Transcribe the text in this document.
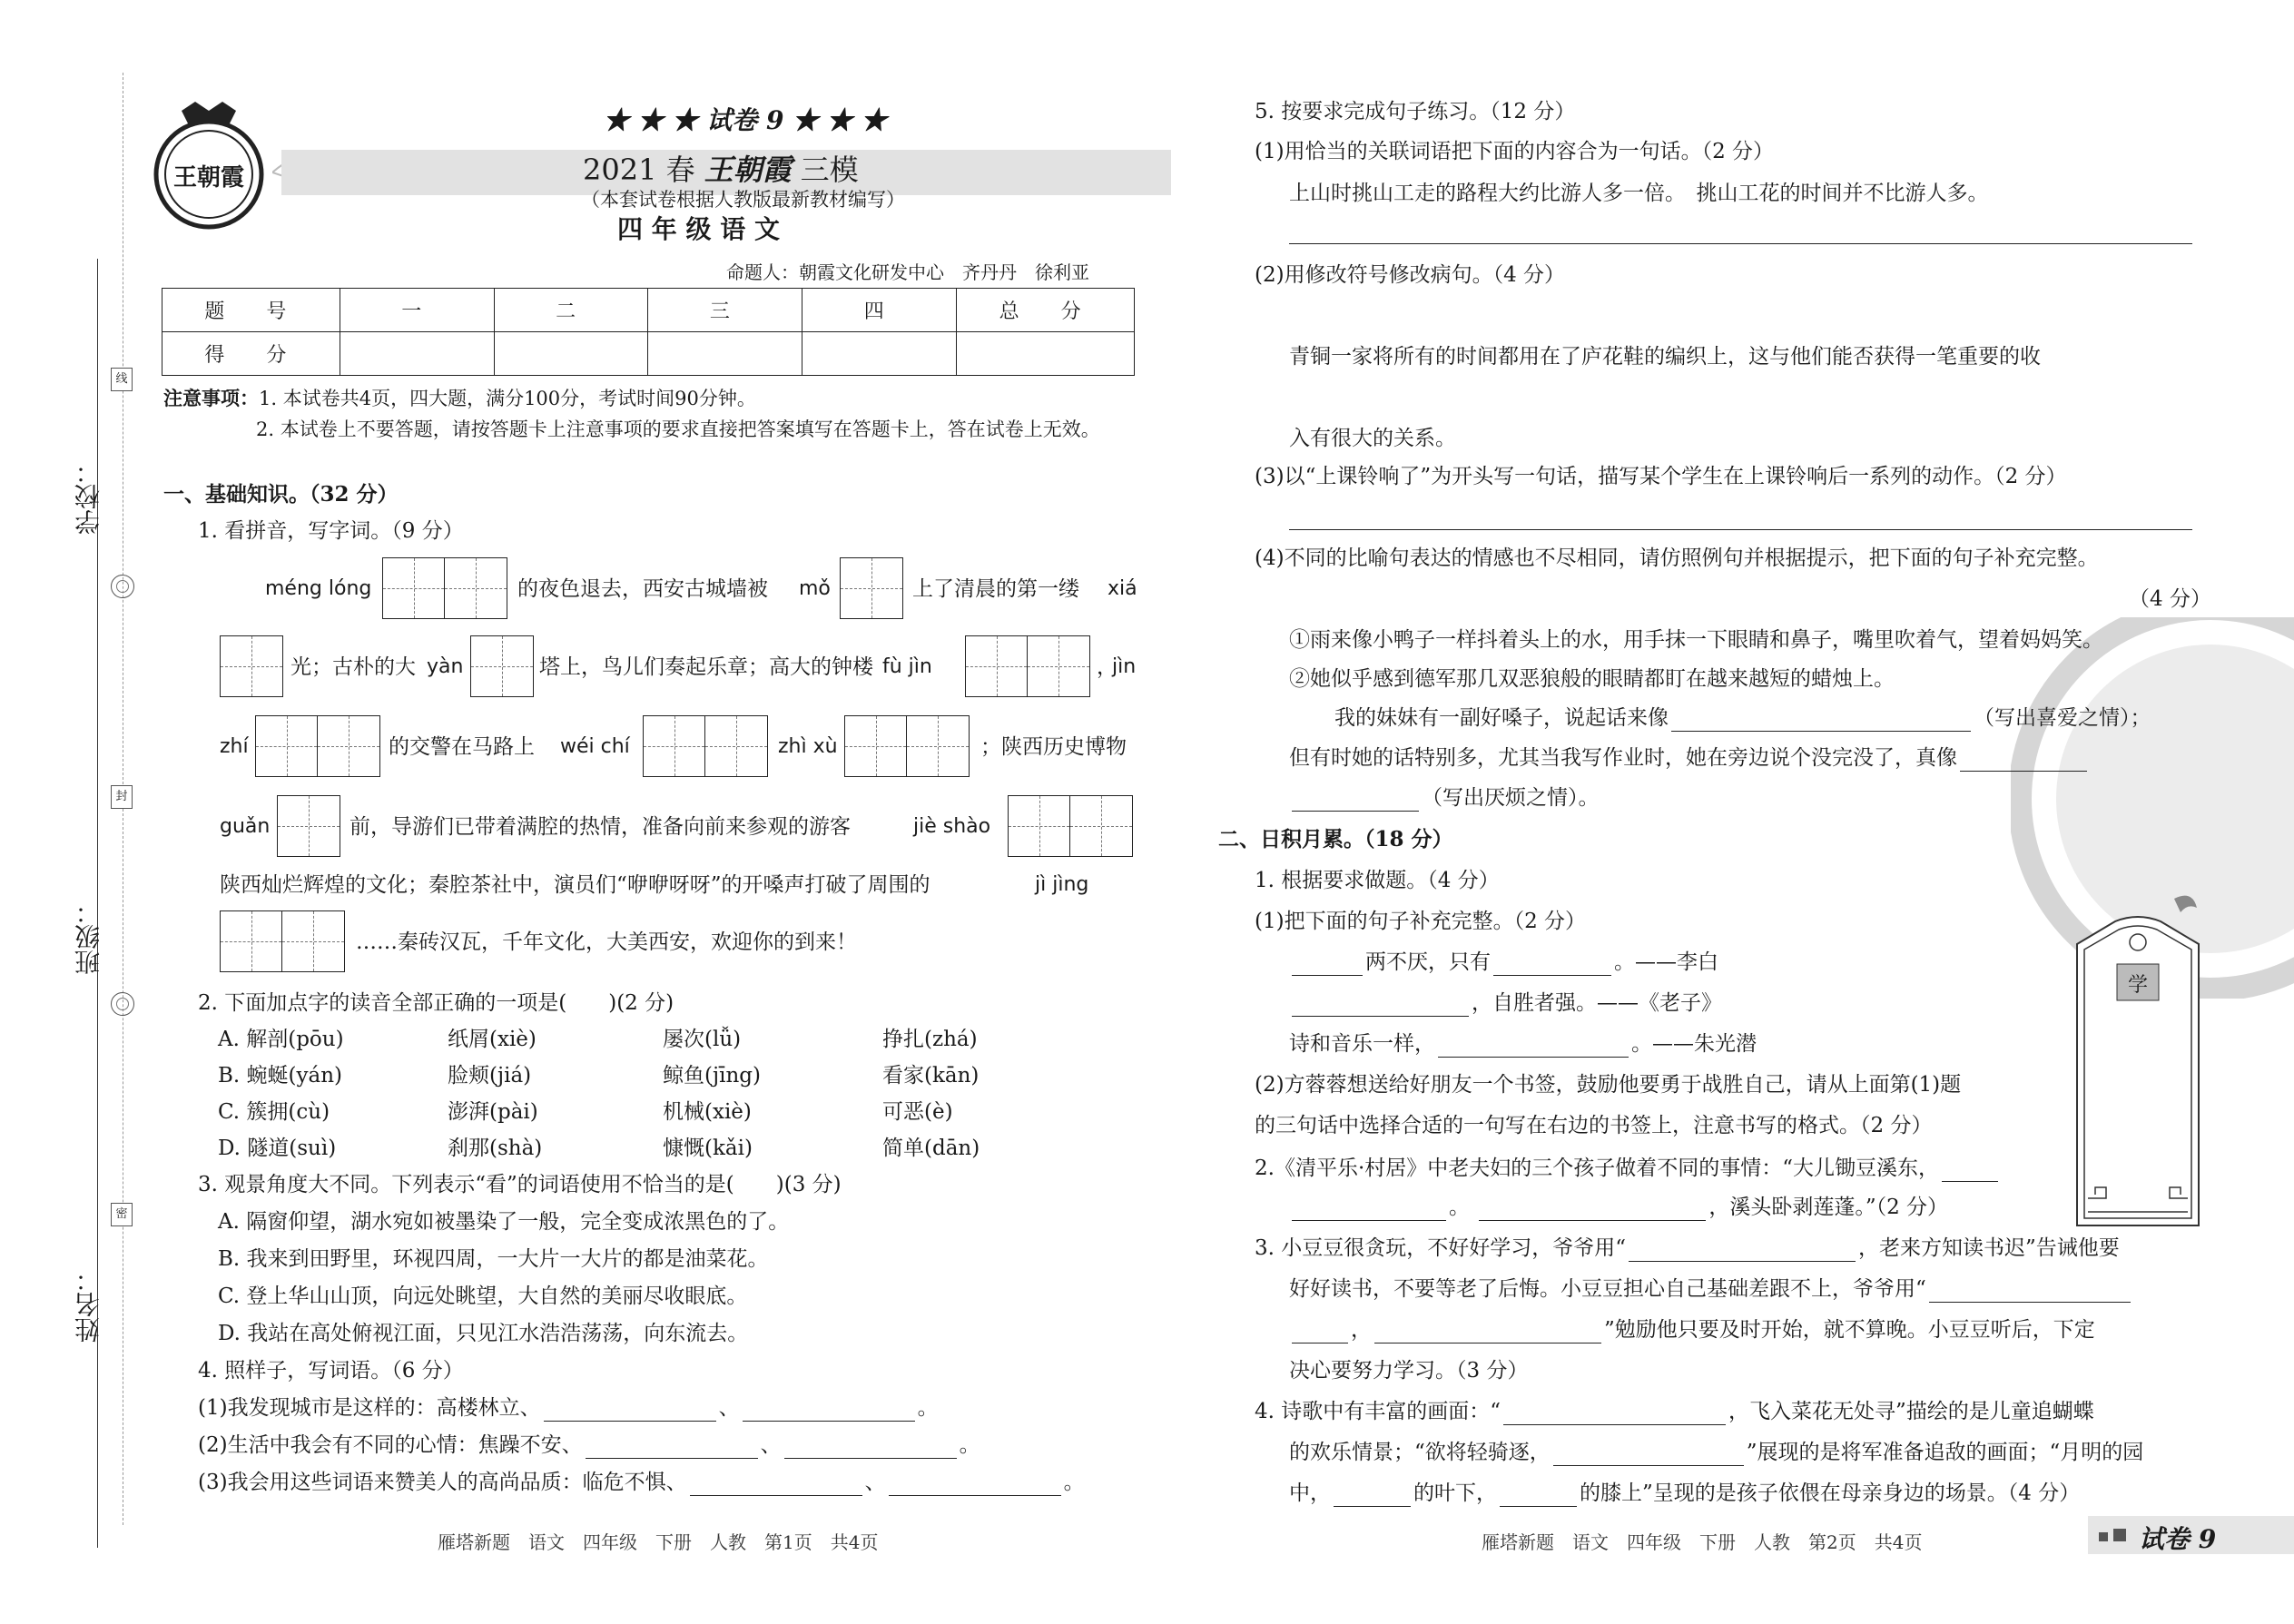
线
封
密
学校：
班级：
姓名：
王朝霞
★ ★ ★ 试卷 9 ★ ★ ★
2021 春 王朝霞 三模
（本套试卷根据人教版最新教材编写）
四 年 级 语 文
命题人：朝霞文化研发中心　齐丹丹　徐利亚
题　号	一	二	三	四	总　分
得　分					
注意事项：1. 本试卷共4页，四大题，满分100分，考试时间90分钟。
2. 本试卷上不要答题，请按答题卡上注意事项的要求直接把答案填写在答题卡上，答在试卷上无效。
一、基础知识。（32 分）
1. 看拼音，写字词。（9 分）
méng lóng	的夜色退去，西安古城墙被 mǒ	上了清晨的第一缕 xiá
光；古朴的大 yàn	塔上，鸟儿们奏起乐章；高大的钟楼 fù jìn	，
jìn
zhí	的交警在马路上 wéi chí	zhì xù	；陕西历史博物
guǎn	前，导游们已带着满腔的热情，准备向前来参观的游客	jiè shào
陕西灿烂辉煌的文化；秦腔茶社中，演员们“咿咿呀呀”的开嗓声打破了周围的	jì jìng
……秦砖汉瓦，千年文化，大美西安，欢迎你的到来！
2. 下面加点字的读音全部正确的一项是(　　)(2 分)
A. 解剖(pōu)	纸屑(xiè)	屡次(lǚ)	挣扎(zhá)
B. 蜿蜒(yán)	脸颊(jiá)	鲸鱼(jīng)	看家(kān)
C. 簇拥(cù)	澎湃(pài)	机械(xiè)	可恶(è)
D. 隧道(suì)	刹那(shà)	慷慨(kǎi)	简单(dān)
3. 观景角度大不同。下列表示“看”的词语使用不恰当的是(　　)(3 分)
A. 隔窗仰望，湖水宛如被墨染了一般，完全变成浓黑色的了。
B. 我来到田野里，环视四周，一大片一大片的都是油菜花。
C. 登上华山山顶，向远处眺望，大自然的美丽尽收眼底。
D. 我站在高处俯视江面，只见江水浩浩荡荡，向东流去。
4. 照样子，写词语。（6 分）
(1)我发现城市是这样的：高楼林立、	、	。
(2)生活中我会有不同的心情：焦躁不安、	、	。
(3)我会用这些词语来赞美人的高尚品质：临危不惧、	、	。
雁塔新题　语文　四年级　下册　人教　第1页　共4页
5. 按要求完成句子练习。（12 分）
(1)用恰当的关联词语把下面的内容合为一句话。（2 分）
上山时挑山工走的路程大约比游人多一倍。　挑山工花的时间并不比游人多。
(2)用修改符号修改病句。（4 分）
青铜一家将所有的时间都用在了庐花鞋的编织上，这与他们能否获得一笔重要的收
入有很大的关系。
(3)以“上课铃响了”为开头写一句话，描写某个学生在上课铃响后一系列的动作。（2 分）
(4)不同的比喻句表达的情感也不尽相同，请仿照例句并根据提示，把下面的句子补充完整。
（4 分）
①雨来像小鸭子一样抖着头上的水，用手抹一下眼睛和鼻子，嘴里吹着气，望着妈妈笑。
②她似乎感到德军那几双恶狼般的眼睛都盯在越来越短的蜡烛上。
我的妹妹有一副好嗓子，说起话来像	（写出喜爱之情）；
但有时她的话特别多，尤其当我写作业时，她在旁边说个没完没了，真像
（写出厌烦之情）。
二、日积月累。（18 分）
1. 根据要求做题。（4 分）
(1)把下面的句子补充完整。（2 分）
两不厌，只有	。——李白
，自胜者强。——《老子》
诗和音乐一样，	。——朱光潜
(2)方蓉蓉想送给好朋友一个书签，鼓励他要勇于战胜自己，请从上面第(1)题
的三句话中选择合适的一句写在右边的书签上，注意书写的格式。（2 分）
学
2.《清平乐·村居》中老夫妇的三个孩子做着不同的事情：“大儿锄豆溪东，
。	，溪头卧剥莲蓬。”（2 分）
3. 小豆豆很贪玩，不好好学习，爷爷用“	，老来方知读书迟”告诫他要
好好读书，不要等老了后悔。小豆豆担心自己基础差跟不上，爷爷用“
，	”勉励他只要及时开始，就不算晚。小豆豆听后，下定
决心要努力学习。（3 分）
4. 诗歌中有丰富的画面：“	，飞入菜花无处寻”描绘的是儿童追蝴蝶
的欢乐情景；“欲将轻骑逐，	”展现的是将军准备追敌的画面；“月明的园
中，	的叶下，	的膝上”呈现的是孩子依偎在母亲身边的场景。（4 分）
雁塔新题　语文　四年级　下册　人教　第2页　共4页	试卷 9
